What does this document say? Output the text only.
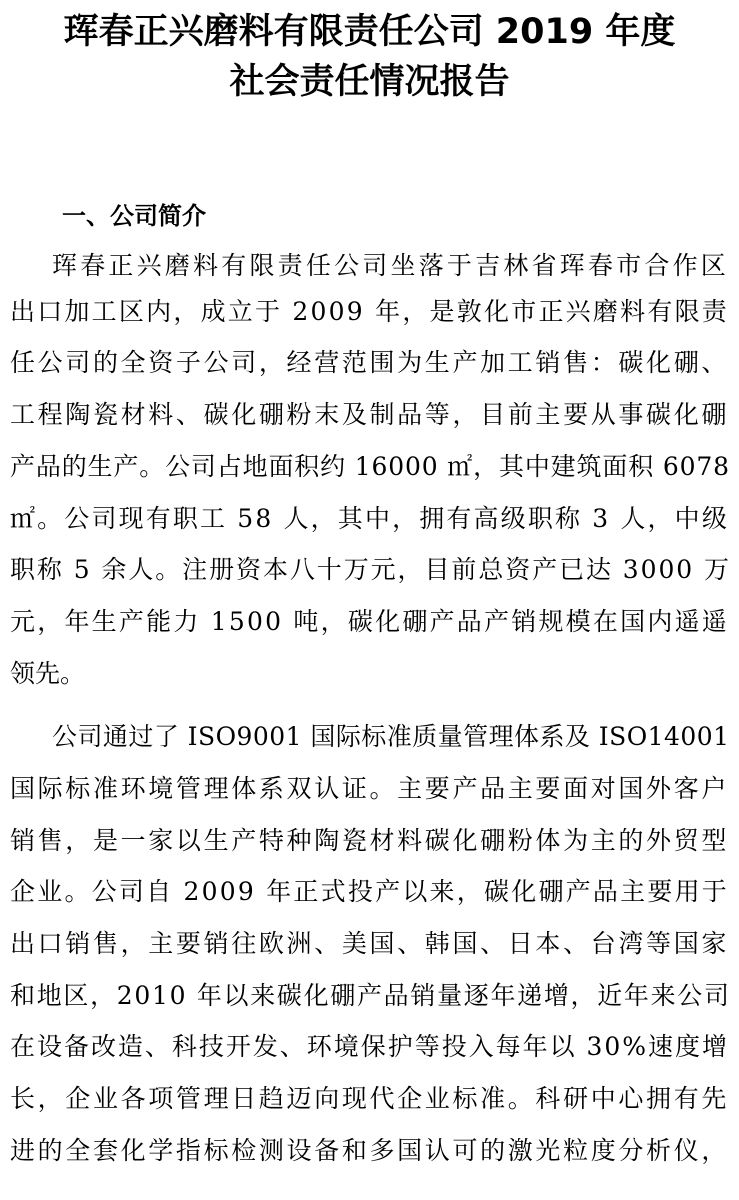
珲春正兴磨料有限责任公司 2019 年度
社会责任情况报告
一、公司简介
珲春正兴磨料有限责任公司坐落于吉林省珲春市合作区
出口加工区内，成立于 2009 年，是敦化市正兴磨料有限责
任公司的全资子公司，经营范围为生产加工销售：碳化硼、
工程陶瓷材料、碳化硼粉末及制品等，目前主要从事碳化硼
产品的生产。公司占地面积约 16000 ㎡，其中建筑面积 6078
㎡。公司现有职工 58 人，其中，拥有高级职称 3 人，中级
职称 5 余人。注册资本八十万元，目前总资产已达 3000 万
元，年生产能力 1500 吨，碳化硼产品产销规模在国内遥遥
领先。
公司通过了 ISO9001 国际标准质量管理体系及 ISO14001
国际标准环境管理体系双认证。主要产品主要面对国外客户
销售，是一家以生产特种陶瓷材料碳化硼粉体为主的外贸型
企业。公司自 2009 年正式投产以来，碳化硼产品主要用于
出口销售，主要销往欧洲、美国、韩国、日本、台湾等国家
和地区，2010 年以来碳化硼产品销量逐年递增，近年来公司
在设备改造、科技开发、环境保护等投入每年以 30%速度增
长，企业各项管理日趋迈向现代企业标准。科研中心拥有先
进的全套化学指标检测设备和多国认可的激光粒度分析仪，
